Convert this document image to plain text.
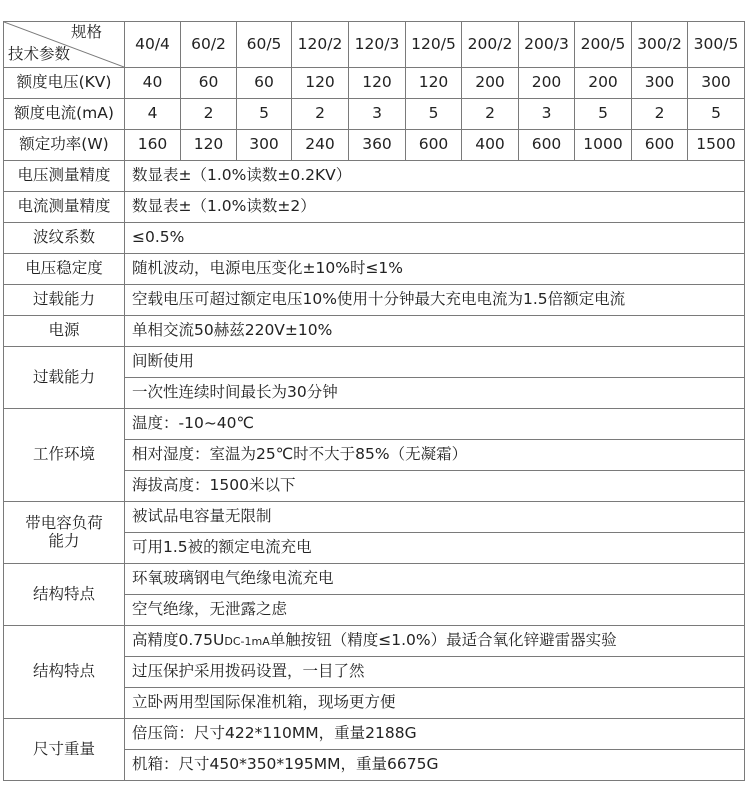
规格
技术参数	40/4	60/2	60/5	120/2	120/3	120/5	200/2	200/3	200/5	300/2	300/5
额度电压(KV)	40	60	60	120	120	120	200	200	200	300	300
额度电流(mA)	4	2	5	2	3	5	2	3	5	2	5
额定功率(W)	160	120	300	240	360	600	400	600	1000	600	1500
电压测量精度	数显表±（1.0%读数±0.2KV）										
电流测量精度	数显表±（1.0%读数±2）										
波纹系数	≤0.5%										
电压稳定度	随机波动，电源电压变化±10%时≤1%										
过载能力	空载电压可超过额定电压10%使用十分钟最大充电电流为1.5倍额定电流										
电源	单相交流50赫兹220V±10%										
过载能力	间断使用										
	一次性连续时间最长为30分钟										
工作环境	温度：-10~40℃										
	相对湿度：室温为25℃时不大于85%（无凝霜）										
	海拔高度：1500米以下										

带电容负荷能力	被试品电容量无限制										
	可用1.5被的额定电流充电										
结构特点	环氧玻璃钢电气绝缘电流充电										
	空气绝缘，无泄露之虑										
结构特点	高精度0.75UDC-1mA单触按钮（精度≤1.0%）最适合氧化锌避雷器实验										
	过压保护采用拨码设置，一目了然										
	立卧两用型国际保准机箱，现场更方便										
尺寸重量	倍压筒：尺寸422*110MM，重量2188G										
	机箱：尺寸450*350*195MM，重量6675G										
